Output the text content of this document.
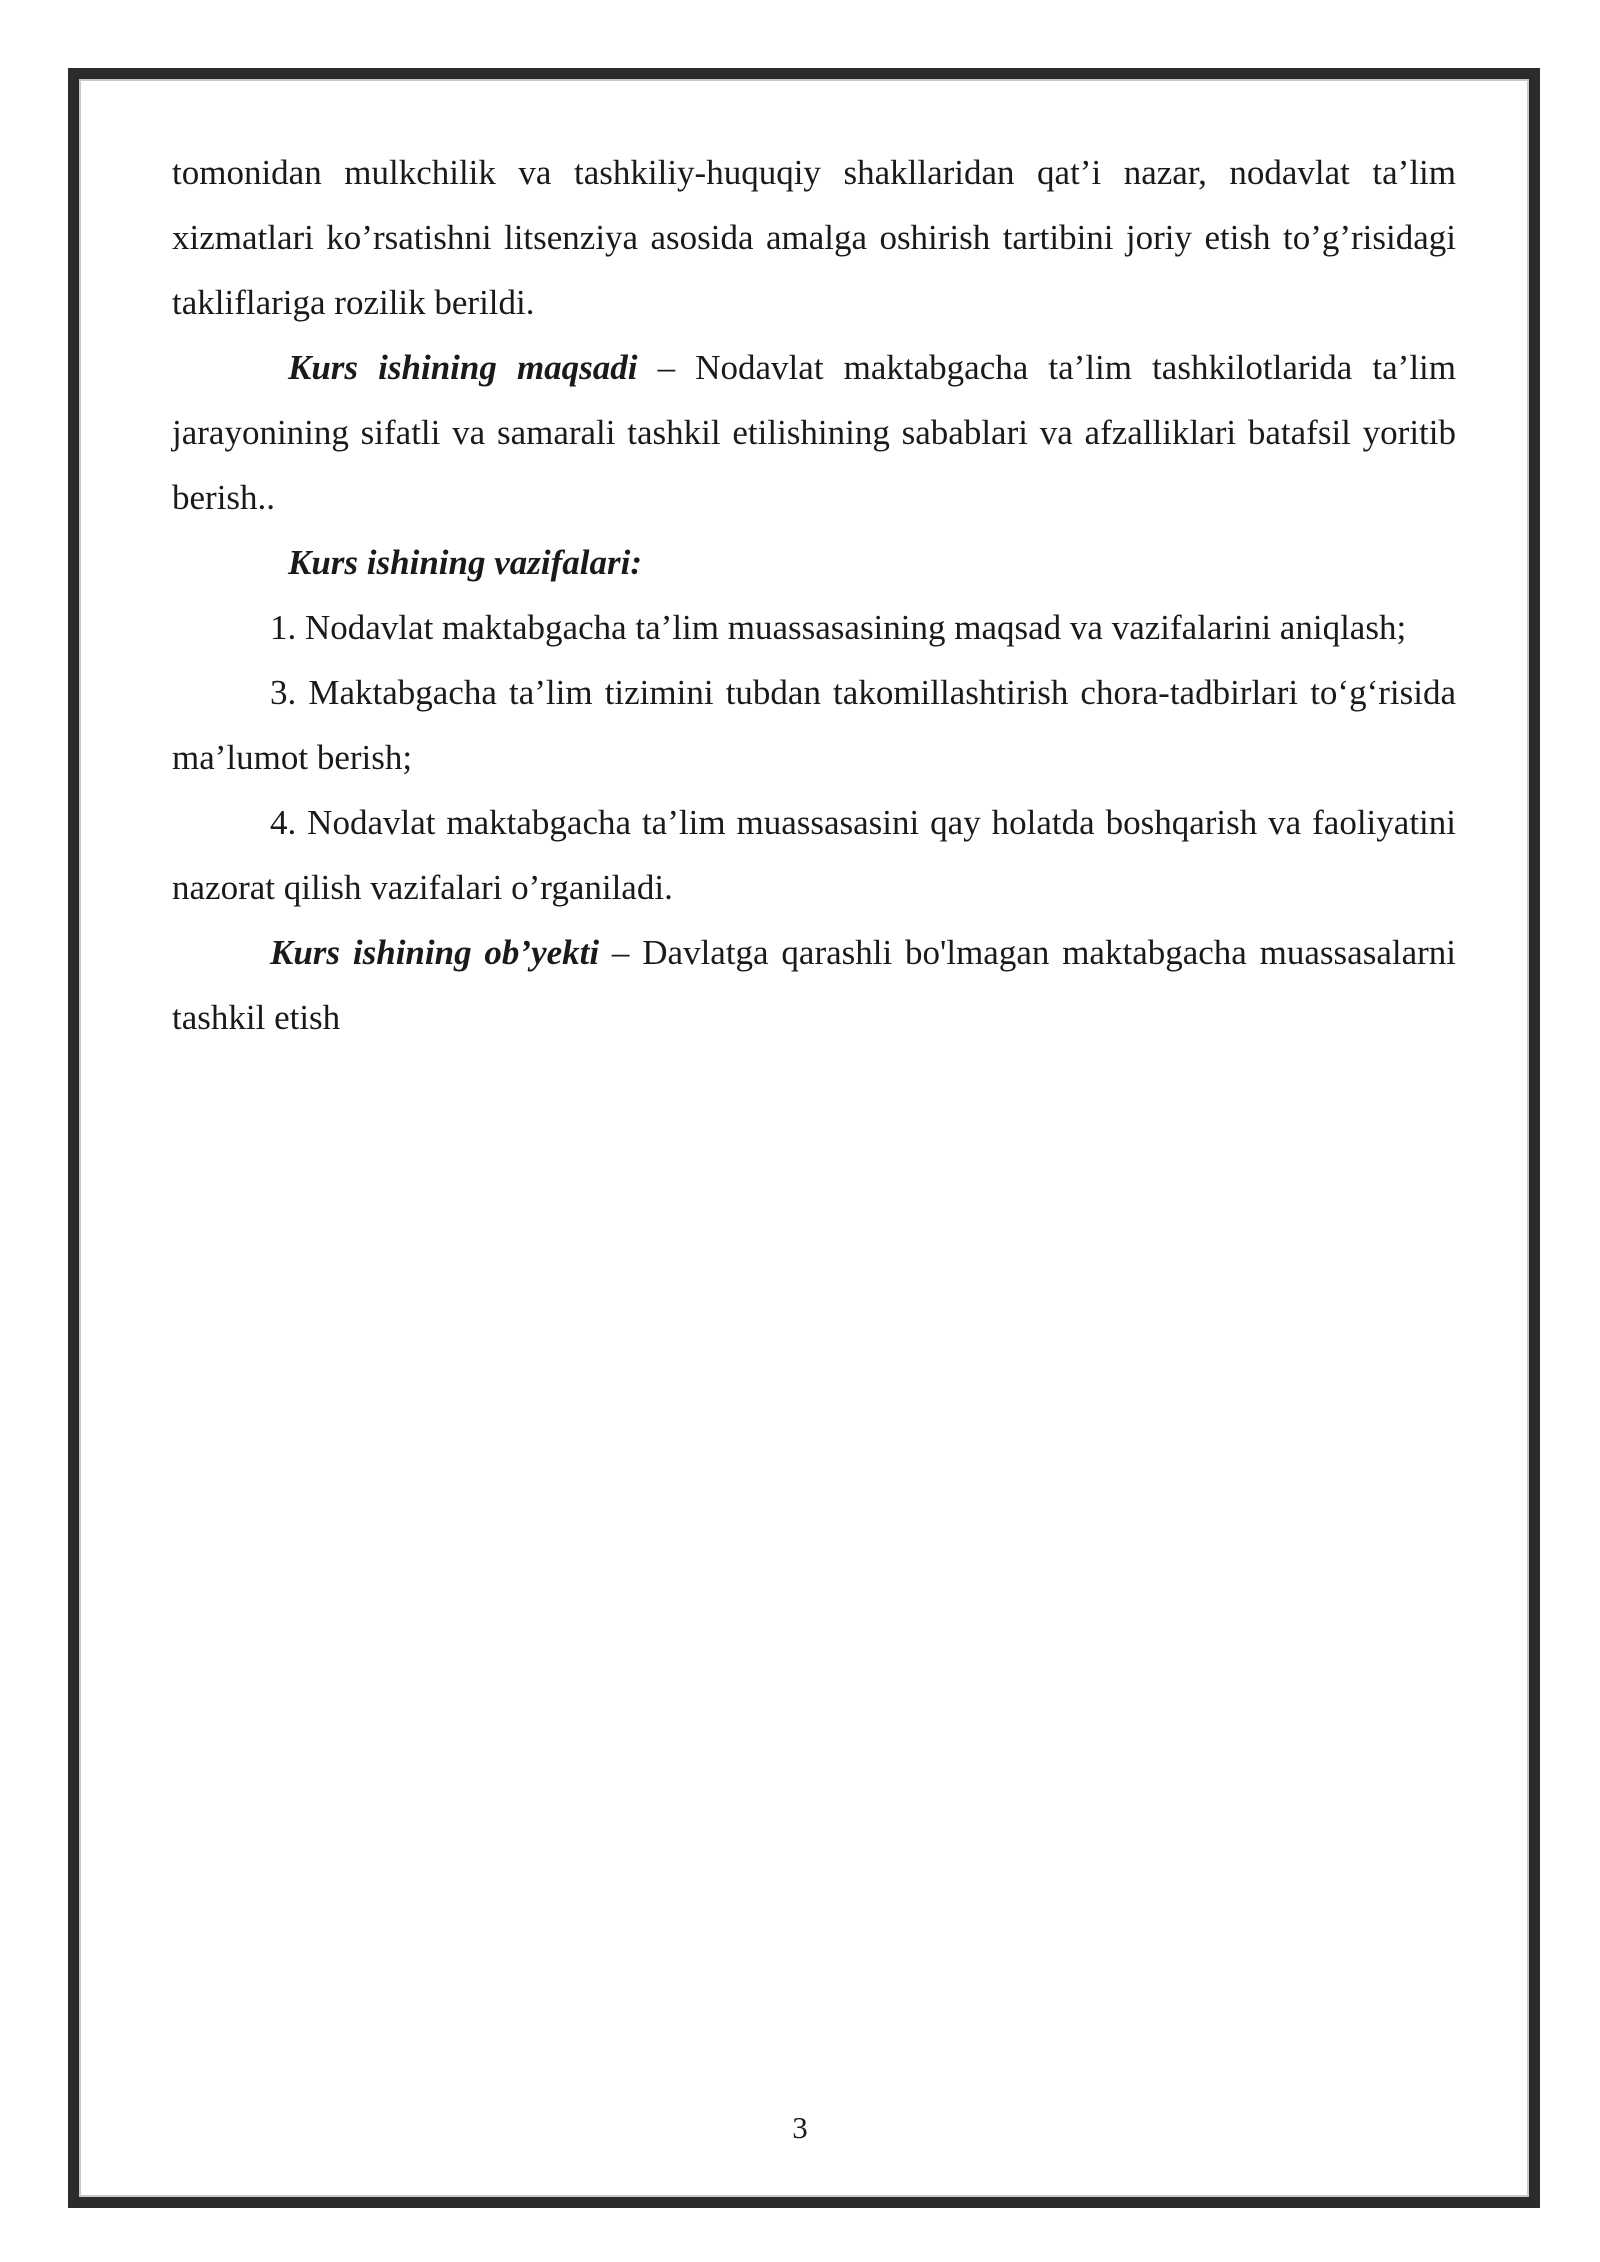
tomonidan mulkchilik va tashkiliy-huquqiy shakllaridan qat’i nazar, nodavlat ta’lim xizmatlari ko’rsatishni litsenziya asosida amalga oshirish tartibini joriy etish to’g’risidagi takliflariga rozilik berildi.

Kurs ishining maqsadi – Nodavlat maktabgacha ta’lim tashkilotlarida ta’lim jarayonining sifatli va samarali tashkil etilishining sabablari va afzalliklari batafsil yoritib berish..

Kurs ishining vazifalari:

1. Nodavlat maktabgacha ta’lim muassasasining maqsad va vazifalarini aniqlash;

3. Maktabgacha ta’lim tizimini tubdan takomillashtirish chora-tadbirlari to‘g‘risida ma’lumot berish;

4. Nodavlat maktabgacha ta’lim muassasasini qay holatda boshqarish va faoliyatini nazorat qilish vazifalari o’rganiladi.

Kurs ishining ob’yekti – Davlatga qarashli bo'lmagan maktabgacha muassasalarni tashkil etish

3
